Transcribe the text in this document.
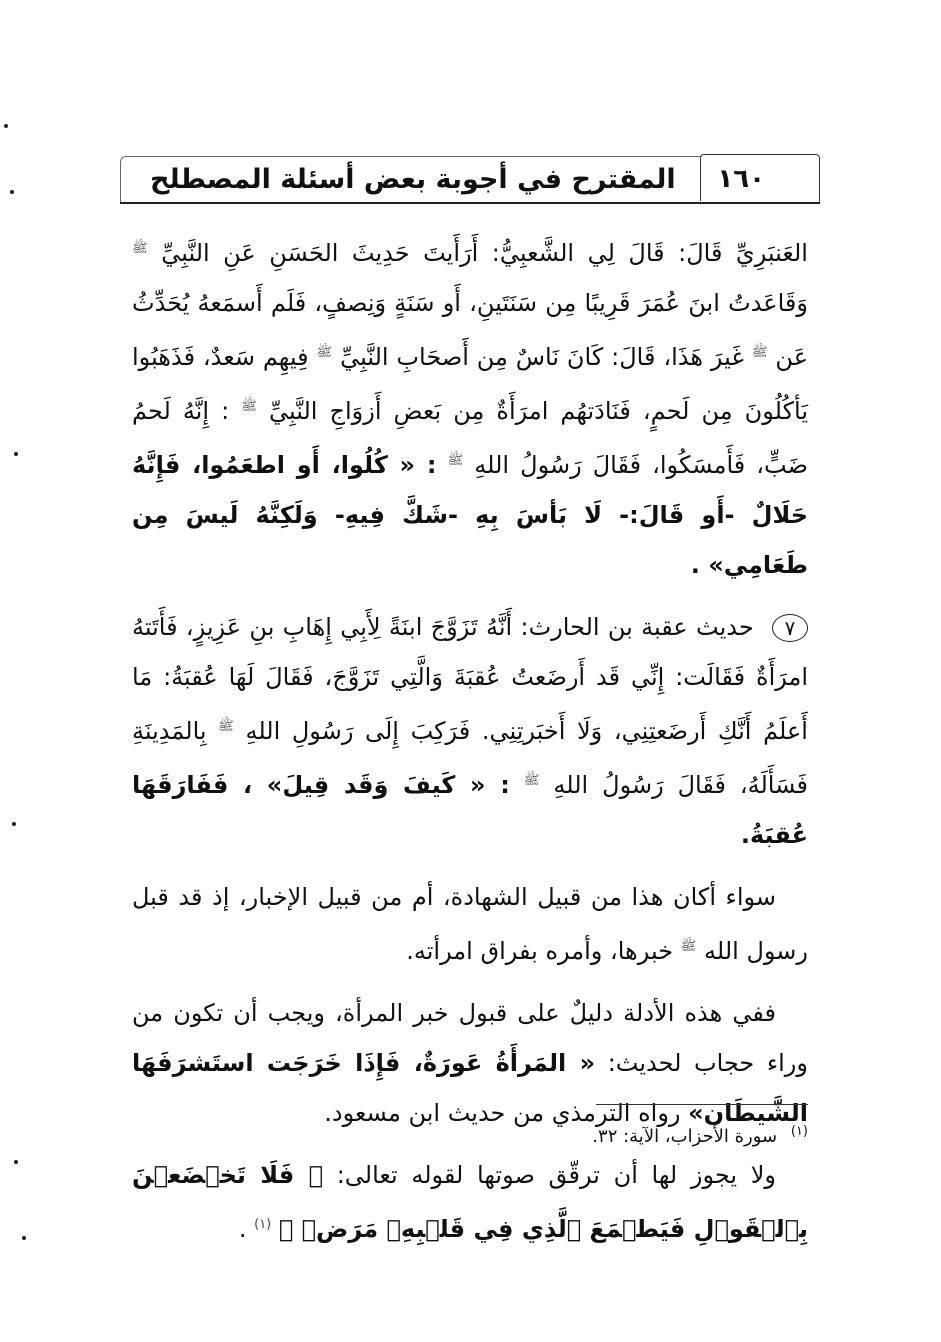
١٦٠
المقترح في أجوبة بعض أسئلة المصطلح

العَنبَرِيِّ قَالَ: قَالَ لِي الشَّعبِيُّ: أَرَأَيتَ حَدِيثَ الحَسَنِ عَنِ النَّبِيِّ $^ﷺ$ وَقَاعَدتُ ابنَ عُمَرَ قَرِيبًا مِن سَنَتَينِ، أَو سَنَةٍ وَنِصفٍ، فَلَم أَسمَعهُ يُحَدِّثُ عَن $^ﷺ$ غَيرَ هَذَا، قَالَ: كَانَ نَاسٌ مِن أَصحَابِ النَّبِيِّ $^ﷺ$ فِيهِم سَعدٌ، فَذَهَبُوا يَأكُلُونَ مِن لَحمٍ، فَنَادَتهُم امرَأَةٌ مِن بَعضِ أَزوَاجِ النَّبِيِّ $^ﷺ$ : إِنَّهُ لَحمُ ضَبٍّ، فَأَمسَكُوا، فَقَالَ رَسُولُ اللهِ $^ﷺ$ : « كُلُوا، أَو اطعَمُوا، فَإِنَّهُ حَلَالٌ -أَو قَالَ:- لَا بَأسَ بِهِ -شَكَّ فِيهِ- وَلَكِنَّهُ لَيسَ مِن طَعَامِي» .

٧ حديث عقبة بن الحارث: أَنَّهُ تَزَوَّجَ ابنَةً لِأَبِي إِهَابِ بنِ عَزِيزٍ، فَأَتَتهُ امرَأَةٌ فَقَالَت: إِنِّي قَد أَرضَعتُ عُقبَةَ وَالَّتِي تَزَوَّجَ، فَقَالَ لَهَا عُقبَةُ: مَا أَعلَمُ أَنَّكِ أَرضَعتِنِي، وَلَا أَخبَرتِنِي. فَرَكِبَ إِلَى رَسُولِ اللهِ $^ﷺ$ بِالمَدِينَةِ فَسَأَلَهُ، فَقَالَ رَسُولُ اللهِ $^ﷺ$ : « كَيفَ وَقَد قِيلَ» ، فَفَارَقَهَا عُقبَةُ.

سواء أكان هذا من قبيل الشهادة، أم من قبيل الإخبار، إذ قد قبل رسول الله $^ﷺ$ خبرها، وأمره بفراق امرأته.

ففي هذه الأدلة دليلٌ على قبول خبر المرأة، ويجب أن تكون من وراء حجاب لحديث: « المَرأَةُ عَورَةٌ، فَإِذَا خَرَجَت استَشرَفَهَا الشَّيطَان» رواه الترمذي من حديث ابن مسعود.

ولا يجوز لها أن ترقّق صوتها لقوله تعالى: ﴿ فَلَا تَخۡضَعۡنَ بِٱلۡقَوۡلِ فَيَطۡمَعَ ٱلَّذِي فِي قَلۡبِهِۦ مَرَضٞ ﴾ $^{(١)}$ .

$^{(١)}$ سورة الأحزاب، الآية: ٣٢.
